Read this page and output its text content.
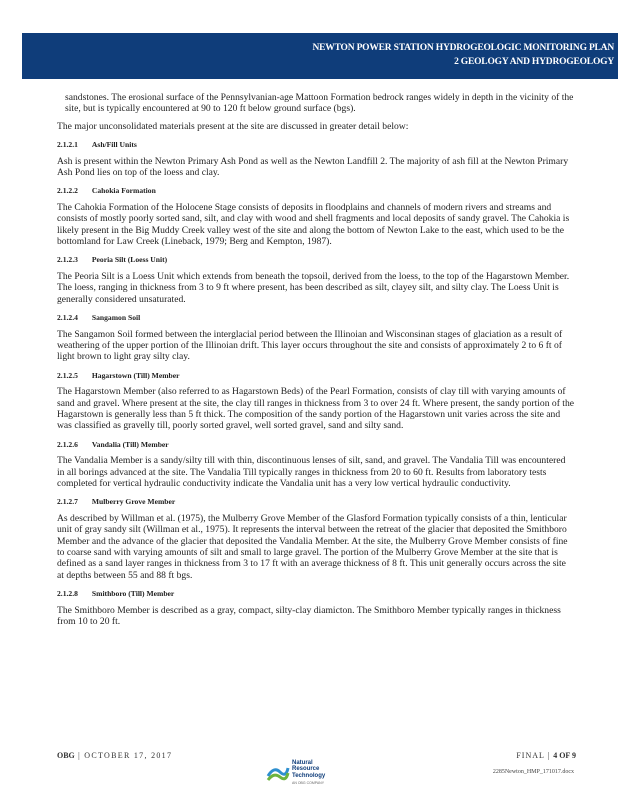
NEWTON POWER STATION HYDROGEOLOGIC MONITORING PLAN
2 GEOLOGY AND HYDROGEOLOGY

sandstones. The erosional surface of the Pennsylvanian-age Mattoon Formation bedrock ranges widely in depth in the vicinity of the site, but is typically encountered at 90 to 120 ft below ground surface (bgs).

The major unconsolidated materials present at the site are discussed in greater detail below:

2.1.2.1 Ash/Fill Units

Ash is present within the Newton Primary Ash Pond as well as the Newton Landfill 2. The majority of ash fill at the Newton Primary Ash Pond lies on top of the loess and clay.

2.1.2.2 Cahokia Formation

The Cahokia Formation of the Holocene Stage consists of deposits in floodplains and channels of modern rivers and streams and consists of mostly poorly sorted sand, silt, and clay with wood and shell fragments and local deposits of sandy gravel. The Cahokia is likely present in the Big Muddy Creek valley west of the site and along the bottom of Newton Lake to the east, which used to be the bottomland for Law Creek (Lineback, 1979; Berg and Kempton, 1987).

2.1.2.3 Peoria Silt (Loess Unit)

The Peoria Silt is a Loess Unit which extends from beneath the topsoil, derived from the loess, to the top of the Hagarstown Member. The loess, ranging in thickness from 3 to 9 ft where present, has been described as silt, clayey silt, and silty clay. The Loess Unit is generally considered unsaturated.

2.1.2.4 Sangamon Soil

The Sangamon Soil formed between the interglacial period between the Illinoian and Wisconsinan stages of glaciation as a result of weathering of the upper portion of the Illinoian drift. This layer occurs throughout the site and consists of approximately 2 to 6 ft of light brown to light gray silty clay.

2.1.2.5 Hagarstown (Till) Member

The Hagarstown Member (also referred to as Hagarstown Beds) of the Pearl Formation, consists of clay till with varying amounts of sand and gravel. Where present at the site, the clay till ranges in thickness from 3 to over 24 ft. Where present, the sandy portion of the Hagarstown is generally less than 5 ft thick. The composition of the sandy portion of the Hagarstown unit varies across the site and was classified as gravelly till, poorly sorted gravel, well sorted gravel, sand and silty sand.

2.1.2.6 Vandalia (Till) Member

The Vandalia Member is a sandy/silty till with thin, discontinuous lenses of silt, sand, and gravel. The Vandalia Till was encountered in all borings advanced at the site. The Vandalia Till typically ranges in thickness from 20 to 60 ft. Results from laboratory tests completed for vertical hydraulic conductivity indicate the Vandalia unit has a very low vertical hydraulic conductivity.

2.1.2.7 Mulberry Grove Member

As described by Willman et al. (1975), the Mulberry Grove Member of the Glasford Formation typically consists of a thin, lenticular unit of gray sandy silt (Willman et al., 1975). It represents the interval between the retreat of the glacier that deposited the Smithboro Member and the advance of the glacier that deposited the Vandalia Member. At the site, the Mulberry Grove Member consists of fine to coarse sand with varying amounts of silt and small to large gravel. The portion of the Mulberry Grove Member at the site that is defined as a sand layer ranges in thickness from 3 to 17 ft with an average thickness of 8 ft. This unit generally occurs across the site at depths between 55 and 88 ft bgs.

2.1.2.8 Smithboro (Till) Member

The Smithboro Member is described as a gray, compact, silty-clay diamicton. The Smithboro Member typically ranges in thickness from 10 to 20 ft.

OBG | OCTOBER 17, 2017
Natural
Resource
Technology
AN OBG COMPANY
FINAL | 4 OF 9
2285Newton_HMP_171017.docx
